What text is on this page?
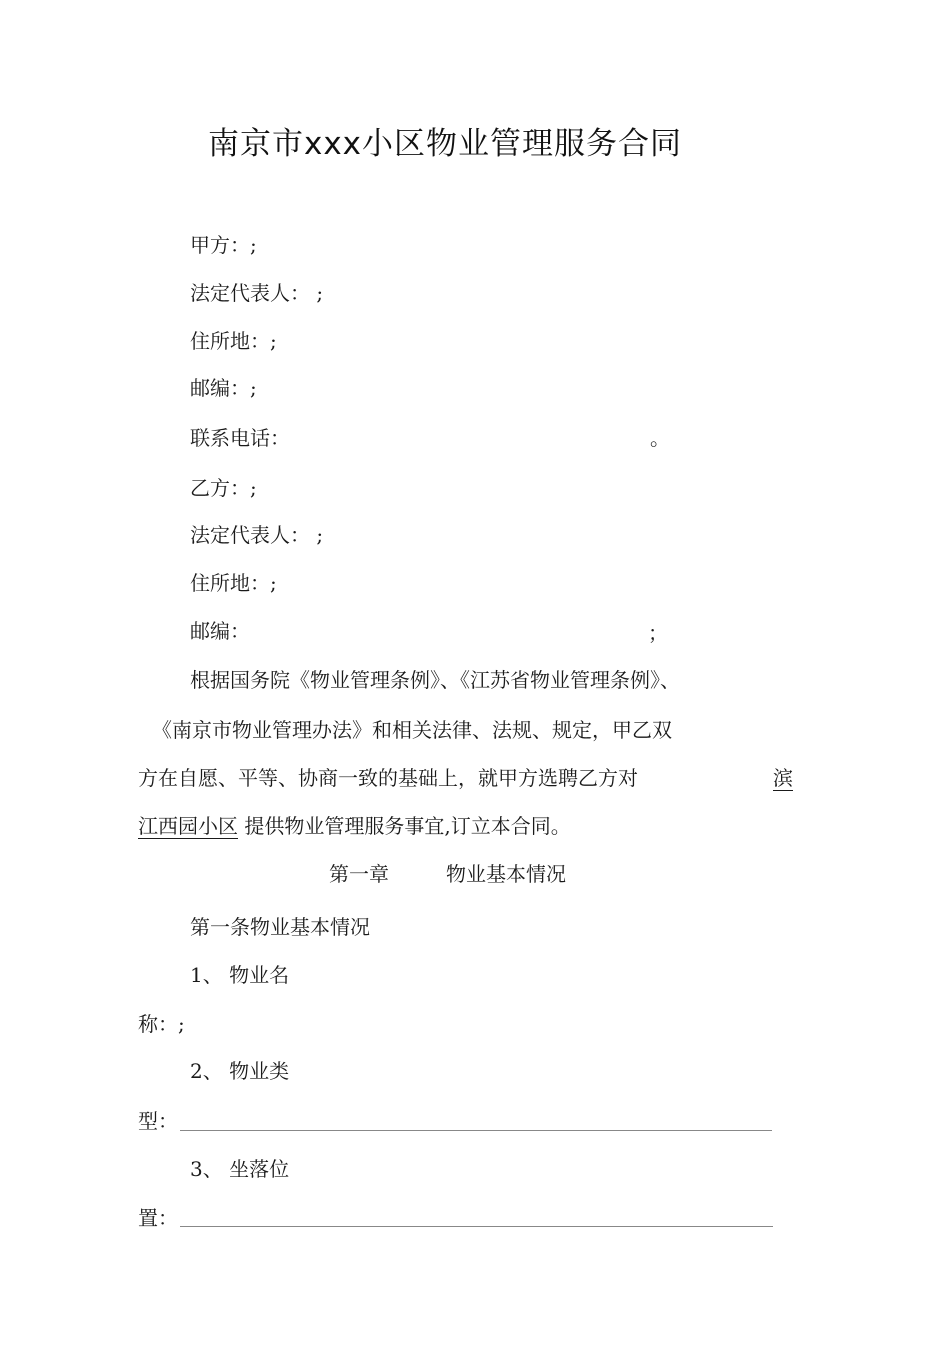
南京市xxx小区物业管理服务合同
甲方：;
法定代表人： ;
住所地：;
邮编：;
联系电话：	。
乙方：;
法定代表人： ;
住所地：;
邮编：	；
根据国务院《物业管理条例》、《江苏省物业管理条例》、
《南京市物业管理办法》和相关法律、法规、规定，甲乙双
方在自愿、平等、协商一致的基础上，就甲方选聘乙方对	滨
江西园小区 提供物业管理服务事宜,订立本合同。
第一章	物业基本情况
第一条物业基本情况
1、 物业名
称：;
2、 物业类
型：
3、 坐落位
置：
